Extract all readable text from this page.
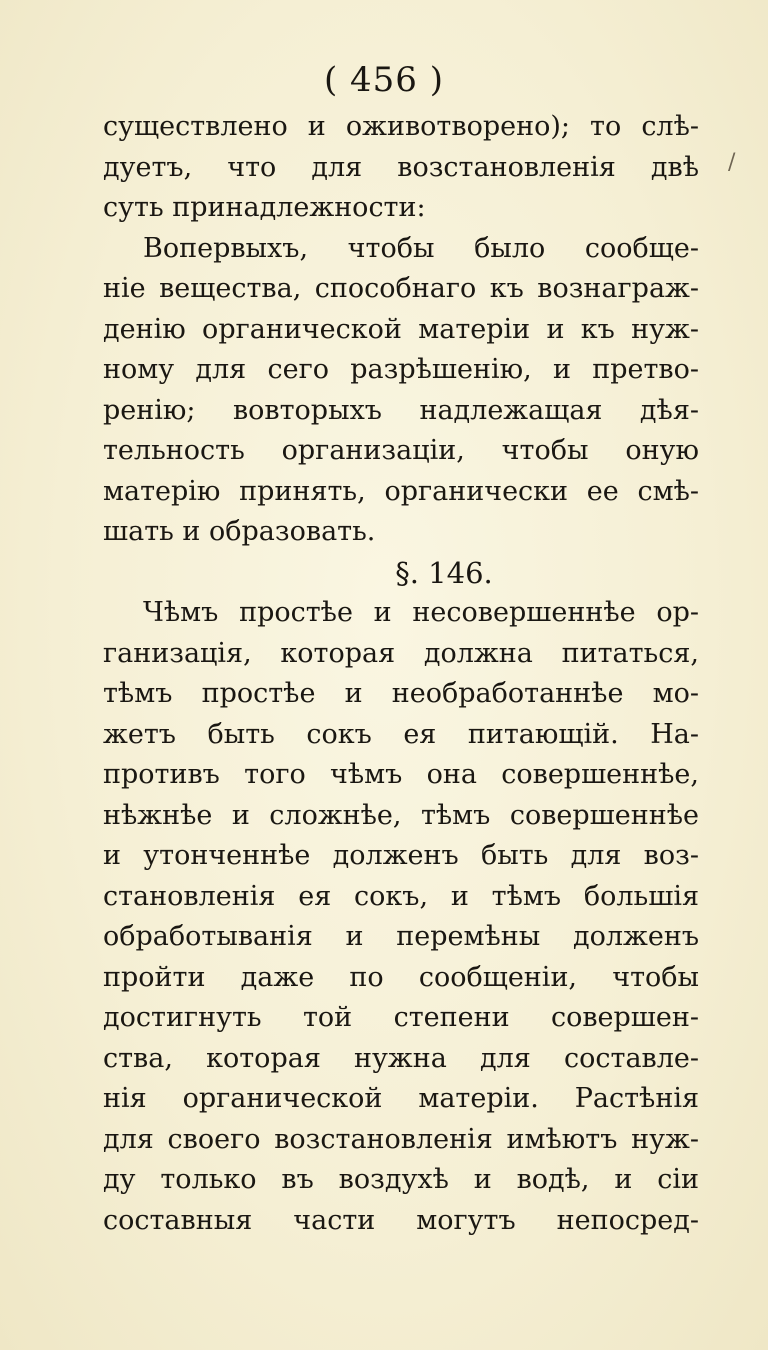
( 456 )
/
существлено и оживотворено); то слѣ-
дуетъ, что для возстановленія двѣ
суть принадлежности:
Вопервыхъ, чтобы было сообще-
ніе вещества, способнаго къ вознаграж-
денію органической матеріи и къ нуж-
ному для сего разрѣшенію, и претво-
ренію; вовторыхъ надлежащая дѣя-
тельность организаціи, чтобы оную
матерію принять, органически ее смѣ-
шать и образовать.
§. 146.
Чѣмъ простѣе и несовершеннѣе ор-
ганизація, которая должна питаться,
тѣмъ простѣе и необработаннѣе мо-
жетъ быть сокъ ея питающій. На-
противъ того чѣмъ она совершеннѣе,
нѣжнѣе и сложнѣе, тѣмъ совершеннѣе
и утонченнѣе долженъ быть для воз-
становленія ея сокъ, и тѣмъ большія
обработыванія и перемѣны долженъ
пройти даже по сообщеніи, чтобы
достигнуть той степени совершен-
ства, которая нужна для составле-
нія органической матеріи. Растѣнія
для своего возстановленія имѣютъ нуж-
ду только въ воздухѣ и водѣ, и сіи
составныя части могутъ непосред-
